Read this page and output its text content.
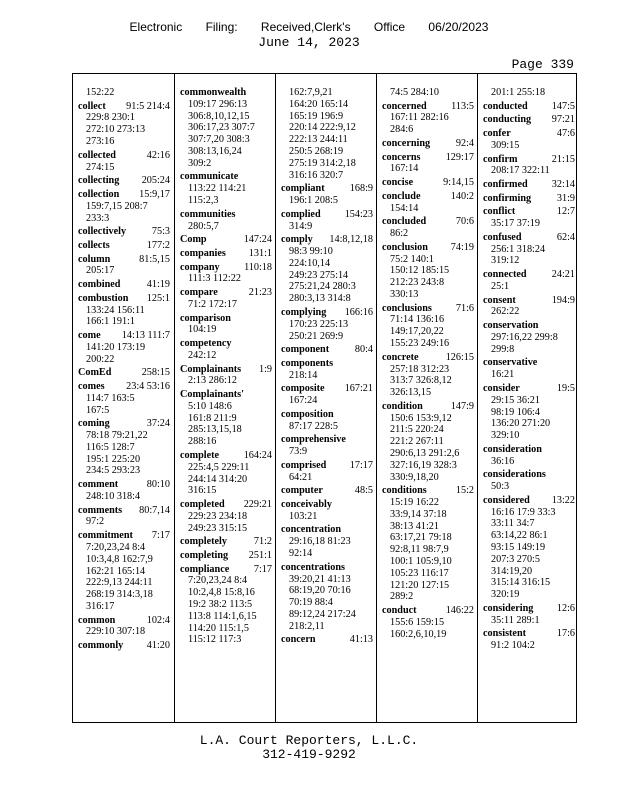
Electronic Filing: Received,Clerk's Office 06/20/2023
June 14, 2023
Page 339
152:22
collect 91:5 214:4
229:8 230:1
272:10 273:13
273:16
collected	42:16
274:15
collecting 205:24
collection 15:9,17
159:7,15 208:7
233:3
collectively	75:3
collects	177:2
column	81:5,15
205:17
combined	41:19
combustion 125:1
133:24 156:11
166:1 191:1
come 14:13 111:7
141:20 173:19
200:22
ComEd	258:15
comes 23:4 53:16
114:7 163:5
167:5
coming	37:24
78:18 79:21,22
116:5 128:7
195:1 225:20
234:5 293:23
comment	80:10
248:10 318:4
comments 80:7,14
97:2
commitment 7:17
7:20,23,24 8:4
10:3,4,8 162:7,9
162:21 165:14
222:9,13 244:11
268:19 314:3,18
316:17
common	102:4
229:10 307:18
commonly 41:20
commonwealth
109:17 296:13
306:8,10,12,15
306:17,23 307:7
307:7,20 308:3
308:13,16,24
309:2
communicate
113:22 114:21
115:2,3
communities
280:5,7
Comp	147:24
companies 131:1
company 110:18
111:3 112:22
compare	21:23
71:2 172:17
comparison
104:19
competency
242:12
Complainants 1:9
2:13 286:12
Complainants'
5:10 148:6
161:8 211:9
285:13,15,18
288:16
complete 164:24
225:4,5 229:11
244:14 314:20
316:15
completed 229:21
229:23 234:18
249:23 315:15
completely	71:2
completing 251:1
compliance 7:17
7:20,23,24 8:4
10:2,4,8 15:8,16
19:2 38:2 113:5
113:8 114:1,6,15
114:20 115:1,5
115:12 117:3
162:7,9,21
164:20 165:14
165:19 196:9
220:14 222:9,12
222:13 244:11
250:5 268:19
275:19 314:2,18
316:16 320:7
compliant 168:9
196:1 208:5
complied 154:23
314:9
comply 14:8,12,18
98:3 99:10
224:10,14
249:23 275:14
275:21,24 280:3
280:3,13 314:8
complying 166:16
170:23 225:13
250:21 269:9
component	80:4
components
218:14
composite 167:21
167:24
composition
87:17 228:5
comprehensive
73:9
comprised 17:17
64:21
computer	48:5
conceivably
103:21
concentration
29:16,18 81:23
92:14
concentrations
39:20,21 41:13
68:19,20 70:16
70:19 88:4
89:12,24 217:24
218:2,11
concern	41:13
74:5 284:10
concerned 113:5
167:11 282:16
284:6
concerning	92:4
concerns 129:17
167:14
concise	9:14,15
conclude	140:2
154:14
concluded	70:6
86:2
conclusion 74:19
75:2 140:1
150:12 185:15
212:23 243:8
330:13
conclusions 71:6
71:14 136:16
149:17,20,22
155:23 249:16
concrete	126:15
257:18 312:23
313:7 326:8,12
326:13,15
condition	147:9
150:6 153:9,12
211:5 220:24
221:2 267:11
290:6,13 291:2,6
327:16,19 328:3
330:9,18,20
conditions	15:2
15:19 16:22
33:9,14 37:18
38:13 41:21
63:17,21 79:18
92:8,11 98:7,9
100:1 105:9,10
105:23 116:17
121:20 127:15
289:2
conduct	146:22
155:6 159:15
160:2,6,10,19
201:1 255:18
conducted 147:5
conducting 97:21
confer	47:6
309:15
confirm	21:15
208:17 322:11
confirmed 32:14
confirming	31:9
conflict	12:7
35:17 37:19
confused	62:4
256:1 318:24
319:12
connected 24:21
25:1
consent	194:9
262:22
conservation
297:16,22 299:8
299:8
conservative
16:21
consider	19:5
29:15 36:21
98:19 106:4
136:20 271:20
329:10
consideration
36:16
considerations
50:3
considered 13:22
16:16 17:9 33:3
33:11 34:7
63:14,22 86:1
93:15 149:19
207:3 270:5
314:19,20
315:14 316:15
320:19
considering 12:6
35:11 289:1
consistent	17:6
91:2 104:2
L.A. Court Reporters, L.L.C.
312-419-9292
